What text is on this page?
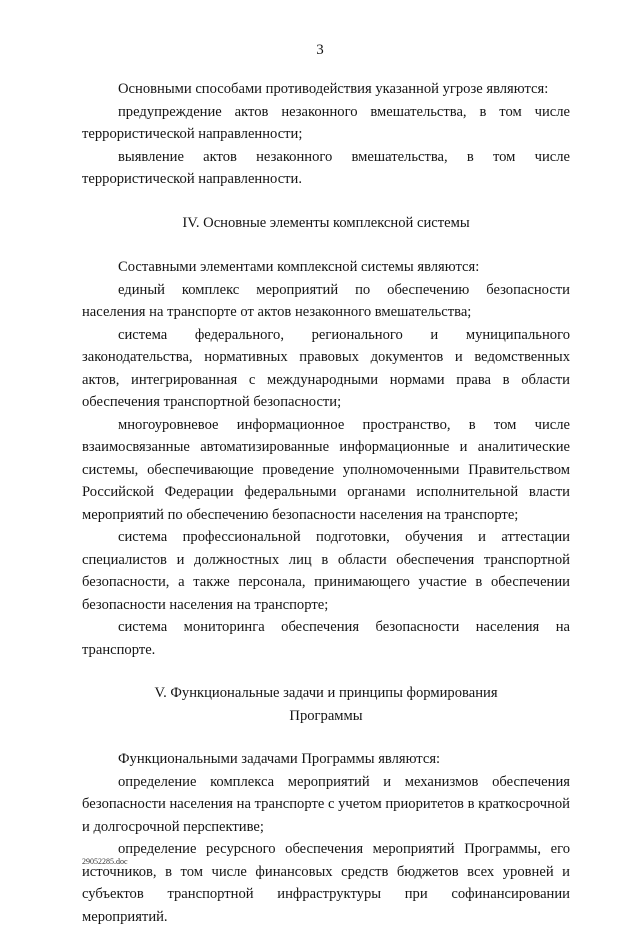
3

Основными способами противодействия указанной угрозе являются:

предупреждение актов незаконного вмешательства, в том числе террористической направленности;

выявление актов незаконного вмешательства, в том числе террористической направленности.

IV. Основные элементы комплексной системы

Составными элементами комплексной системы являются:

единый комплекс мероприятий по обеспечению безопасности населения на транспорте от актов незаконного вмешательства;

система федерального, регионального и муниципального законодательства, нормативных правовых документов и ведомственных актов, интегрированная с международными нормами права в области обеспечения транспортной безопасности;

многоуровневое информационное пространство, в том числе взаимосвязанные автоматизированные информационные и аналитические системы, обеспечивающие проведение уполномоченными Правительством Российской Федерации федеральными органами исполнительной власти мероприятий по обеспечению безопасности населения на транспорте;

система профессиональной подготовки, обучения и аттестации специалистов и должностных лиц в области обеспечения транспортной безопасности, а также персонала, принимающего участие в обеспечении безопасности населения на транспорте;

система мониторинга обеспечения безопасности населения на транспорте.

V. Функциональные задачи и принципы формирования

Программы

Функциональными задачами Программы являются:

определение комплекса мероприятий и механизмов обеспечения безопасности населения на транспорте с учетом приоритетов в краткосрочной и долгосрочной перспективе;

определение ресурсного обеспечения мероприятий Программы, его источников, в том числе финансовых средств бюджетов всех уровней и субъектов транспортной инфраструктуры при софинансировании мероприятий.

29052285.doc
